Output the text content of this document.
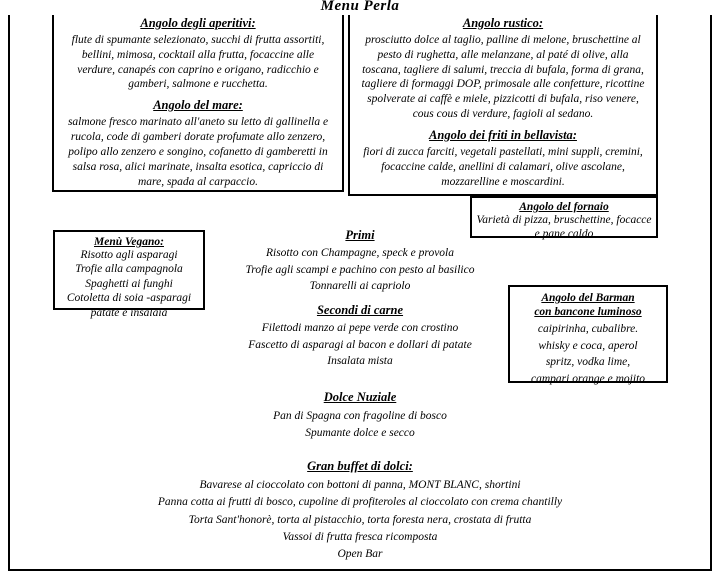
Menu Perla
Angolo degli aperitivi:
flute di spumante selezionato, succhi di frutta assortiti, bellini, mimosa, cocktail alla frutta, focaccine alle verdure, canapés con caprino e origano, radicchio e gamberi, salmone e rucchetta.
Angolo del mare:
salmone fresco marinato all'aneto su letto di gallinella e rucola, code di gamberi dorate profumate allo zenzero, polipo allo zenzero e songino, cofanetto di gamberetti in salsa rosa, alici marinate, insalta esotica, capriccio di mare, spada al carpaccio.
Angolo rustico:
prosciutto dolce al taglio, palline di melone, bruschettine al pesto di rughetta, alle melanzane, al paté di olive, alla toscana, tagliere di salumi, treccia di bufala, forma di grana, tagliere di formaggi DOP, primosale alle confetture, ricottine spolverate ai caffè e miele, pizzicotti di bufala, riso venere, cous cous di verdure, fagioli al sedano.
Angolo dei friti in bellavista:
fiori di zucca farciti, vegetali pastellati, mini suppli, cremini, focaccine calde, anellini di calamari, olive ascolane, mozzarelline e moscardini.
Angolo del fornaio
Varietà di pizza, bruschettine, focacce e pane caldo
Menù Vegano:
Risotto agli asparagi
Trofie alla campagnola
Spaghetti ai funghi
Cotoletta di soia -asparagi
patate e insalaia
Angolo del Barman
con bancone luminoso
caipirinha, cubalibre.
whisky e coca, aperol
spritz, vodka lime,
campari orange e mojito
Primi
Risotto con Champagne, speck e provola
Trofie agli scampi e pachino con pesto al basilico
Tonnarelli ai capriolo
Secondi di carne
Filettodi manzo ai pepe verde con crostino
Fascetto di asparagi al bacon e dollari di patate
Insalata mista
Dolce Nuziale
Pan di Spagna con fragoline di bosco
Spumante dolce e secco
Gran buffet di dolci:
Bavarese al cioccolato con bottoni di panna, MONT BLANC, shortini
Panna cotta ai frutti di bosco, cupoline di profiteroles al cioccolato con crema chantilly
Torta Sant'honorè, torta al pistacchio, torta foresta nera, crostata di frutta
Vassoi di frutta fresca ricomposta
Open Bar
